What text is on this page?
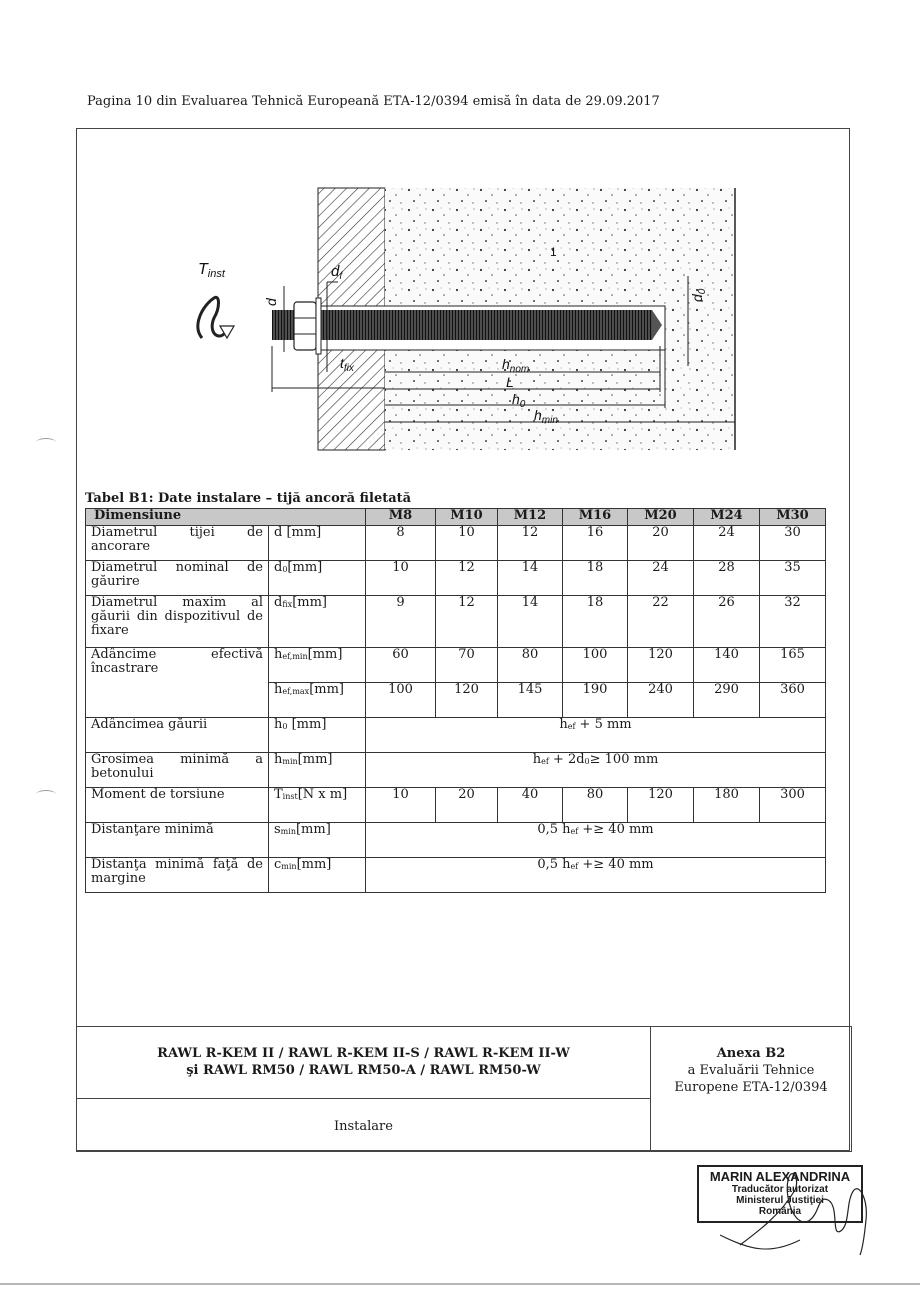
Pagina 10 din Evaluarea Tehnică Europeană ETA-12/0394 emisă în data de 29.09.2017
Tinst	$d_f$
d
$t_{fix}$	$h_{nom}$
L
$h_0$
$h_{min}$
$d_0$
1
Tabel B1: Date instalare – tijă ancoră filetată
Dimensiune		M8	M10	M12	M16	M20	M24	M30
Diametrul tijei de
ancorare	d [mm]	8	10	12	16	20	24	30
Diametrul nominal de
găurire	$d_0[mm]$	10	12	14	18	24	28	35
Diametrul maxim al găurii din dispozitivul de
fixare	$d_{fix}[mm]$	9	12	14	18	22	26	32
Adâncime efectivă
încastrare	$h_{ef,min}[mm]$	60	70	80	100	120	140	165
	$h_{ef,max}[mm]$	100	120	145	190	240	290	360
Adâncimea găurii	$h_0$ [mm]	$h_{ef} + 5$ mm						
Grosimea minimă a
betonului	$h_{min}[mm]$	$h_{ef} + 2d_0\ge 100$ mm						
Moment de torsiune	$T_{inst}[N$ x m]	10	20	40	80	120	180	300
Distanţare minimă	$s_{min}[mm]$	0,5 $h_{ef} +\ge 40$ mm						
Distanţa minimă faţă de
margine	$c_{min}[mm]$	0,5 $h_{ef} +\ge 40$ mm						
RAWL R-KEM II / RAWL R-KEM II-S / RAWL R-KEM II-W
şi RAWL RM50 / RAWL RM50-A / RAWL RM50-W
Instalare
Anexa B2
a Evaluării Tehnice
Europene ETA-12/0394
MARIN ALEXANDRINA
Traducător autorizat
Ministerul Justiţiei
România
